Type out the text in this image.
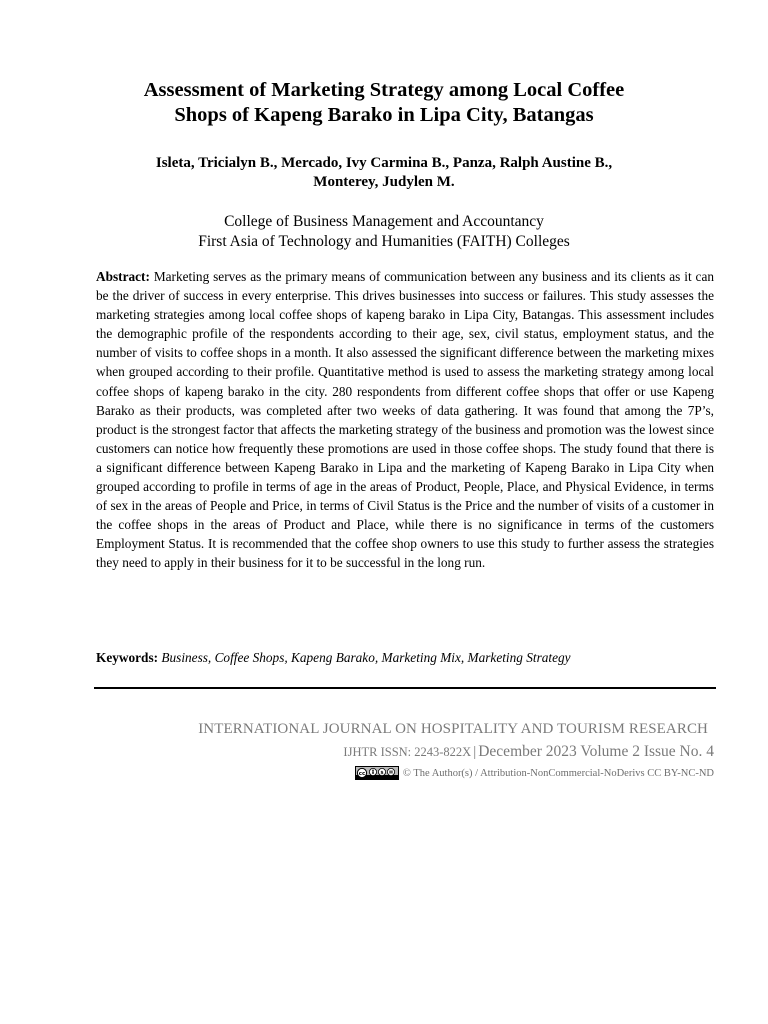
Assessment of Marketing Strategy among Local Coffee
Shops of Kapeng Barako in Lipa City, Batangas
Isleta, Tricialyn B., Mercado, Ivy Carmina B., Panza, Ralph Austine B.,
Monterey, Judylen M.
College of Business Management and Accountancy
First Asia of Technology and Humanities (FAITH) Colleges

Abstract: Marketing serves as the primary means of communication between any business and its clients as it can be the driver of success in every enterprise. This drives businesses into success or failures. This study assesses the marketing strategies among local coffee shops of kapeng barako in Lipa City, Batangas. This assessment includes the demographic profile of the respondents according to their age, sex, civil status, employment status, and the number of visits to coffee shops in a month. It also assessed the significant difference between the marketing mixes when grouped according to their profile. Quantitative method is used to assess the marketing strategy among local coffee shops of kapeng barako in the city. 280 respondents from different coffee shops that offer or use Kapeng Barako as their products, was completed after two weeks of data gathering. It was found that among the 7P’s, product is the strongest factor that affects the marketing strategy of the business and promotion was the lowest since customers can notice how frequently these promotions are used in those coffee shops. The study found that there is a significant difference between Kapeng Barako in Lipa and the marketing of Kapeng Barako in Lipa City when grouped according to profile in terms of age in the areas of Product, People, Place, and Physical Evidence, in terms of sex in the areas of People and Price, in terms of Civil Status is the Price and the number of visits of a customer in the coffee shops in the areas of Product and Place, while there is no significance in terms of the customers Employment Status. It is recommended that the coffee shop owners to use this study to further assess the strategies they need to apply in their business for it to be successful in the long run.

Keywords: Business, Coffee Shops, Kapeng Barako, Marketing Mix, Marketing Strategy
INTERNATIONAL JOURNAL ON HOSPITALITY AND TOURISM RESEARCH
IJHTR ISSN: 2243-822X | December 2023 Volume 2 Issue No. 4
cc	$ © The Author(s) / Attribution-NonCommercial-NoDerivs CC BY-NC-ND
